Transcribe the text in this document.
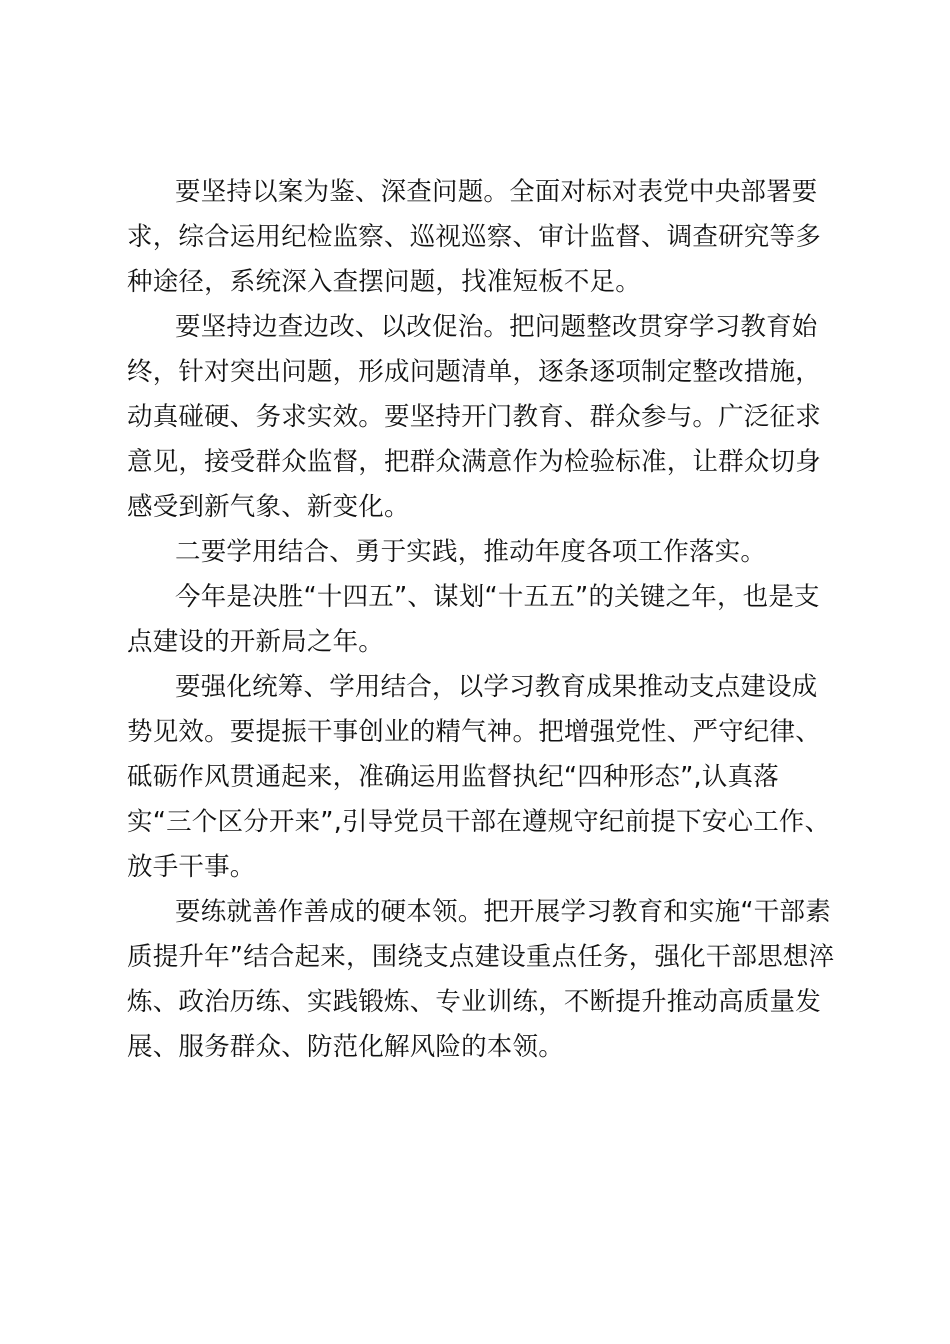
要坚持以案为鉴、深查问题。全面对标对表党中央部署要
求，综合运用纪检监察、巡视巡察、审计监督、调查研究等多
种途径，系统深入查摆问题，找准短板不足。
要坚持边查边改、以改促治。把问题整改贯穿学习教育始
终，针对突出问题，形成问题清单，逐条逐项制定整改措施，
动真碰硬、务求实效。要坚持开门教育、群众参与。广泛征求
意见，接受群众监督，把群众满意作为检验标准，让群众切身
感受到新气象、新变化。
二要学用结合、勇于实践，推动年度各项工作落实。
今年是决胜“十四五”、谋划“十五五”的关键之年，也是支
点建设的开新局之年。
要强化统筹、学用结合，以学习教育成果推动支点建设成
势见效。要提振干事创业的精气神。把增强党性、严守纪律、
砥砺作风贯通起来，准确运用监督执纪“四种形态”,认真落
实“三个区分开来”,引导党员干部在遵规守纪前提下安心工作、
放手干事。
要练就善作善成的硬本领。把开展学习教育和实施“干部素
质提升年”结合起来，围绕支点建设重点任务，强化干部思想淬
炼、政治历练、实践锻炼、专业训练，不断提升推动高质量发
展、服务群众、防范化解风险的本领。
